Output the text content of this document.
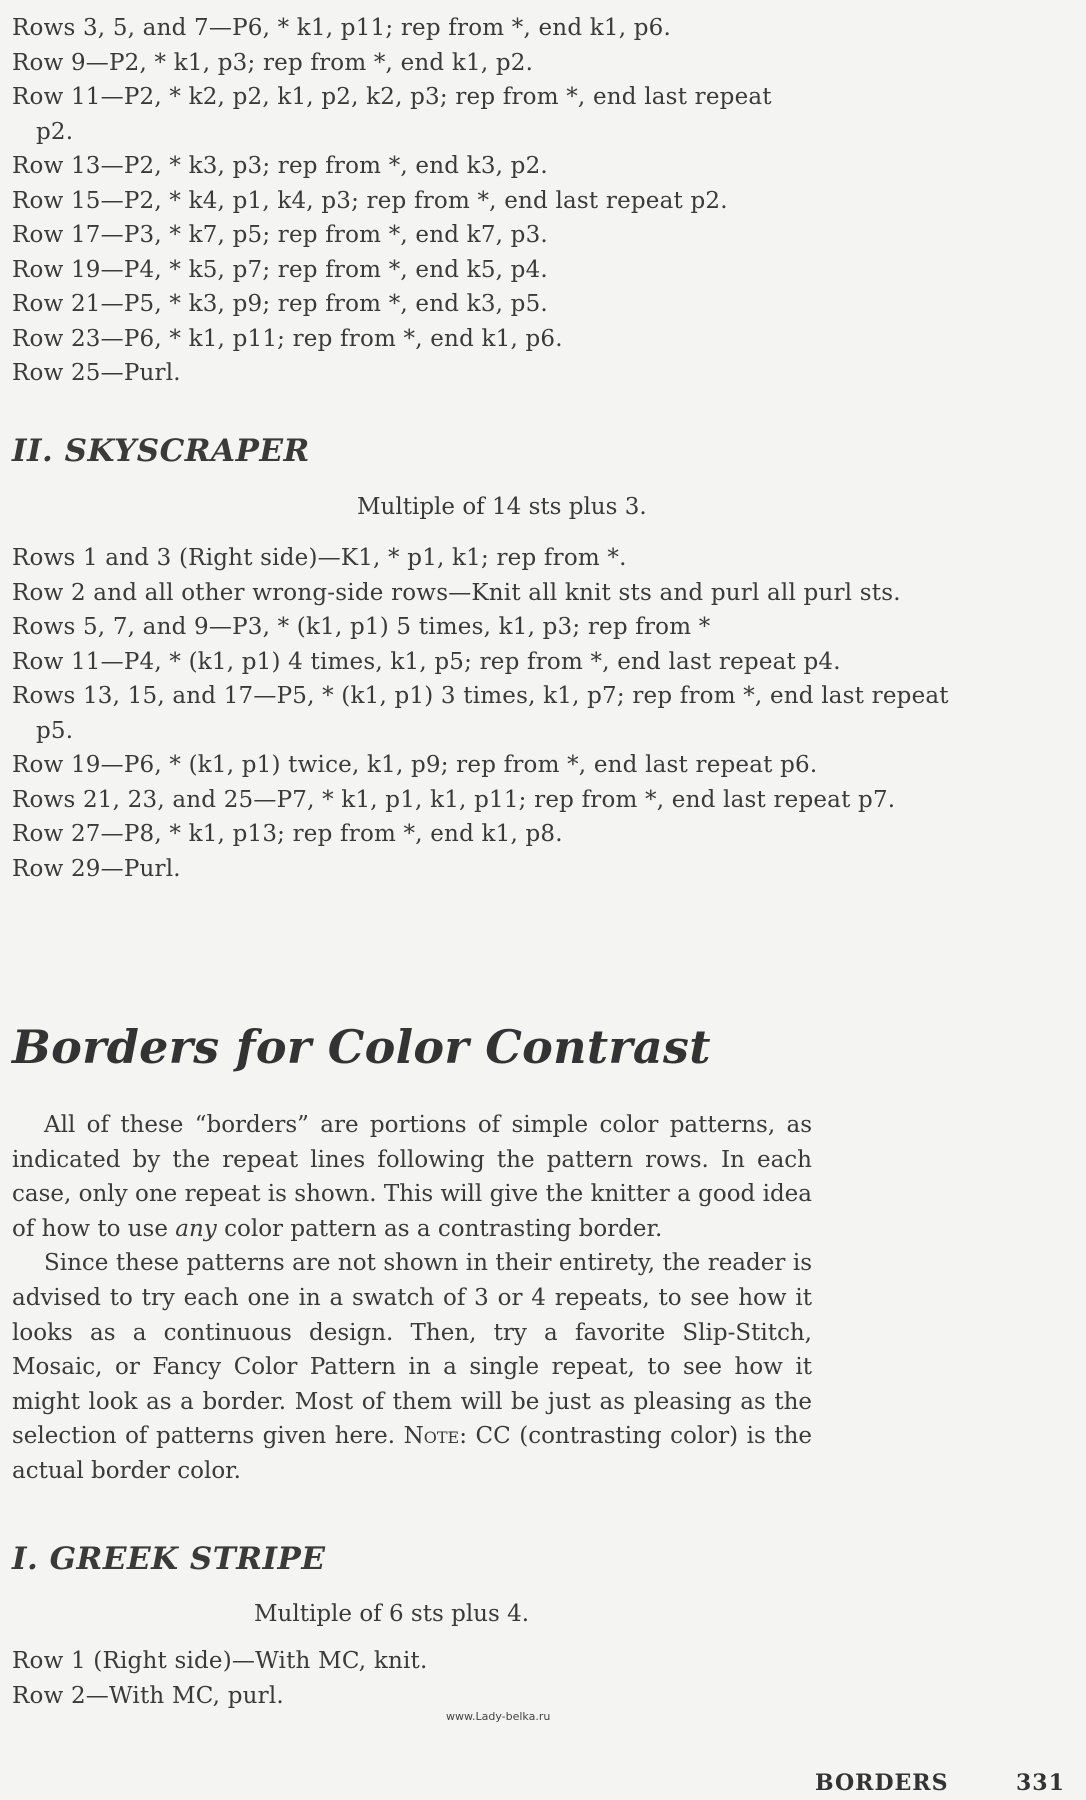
Rows 3, 5, and 7—P6, * k1, p11; rep from *, end k1, p6.
Row 9—P2, * k1, p3; rep from *, end k1, p2.
Row 11—P2, * k2, p2, k1, p2, k2, p3; rep from *, end last repeat
p2.
Row 13—P2, * k3, p3; rep from *, end k3, p2.
Row 15—P2, * k4, p1, k4, p3; rep from *, end last repeat p2.
Row 17—P3, * k7, p5; rep from *, end k7, p3.
Row 19—P4, * k5, p7; rep from *, end k5, p4.
Row 21—P5, * k3, p9; rep from *, end k3, p5.
Row 23—P6, * k1, p11; rep from *, end k1, p6.
Row 25—Purl.
II. SKYSCRAPER
Multiple of 14 sts plus 3.
Rows 1 and 3 (Right side)—K1, * p1, k1; rep from *.
Row 2 and all other wrong-side rows—Knit all knit sts and purl all purl sts.
Rows 5, 7, and 9—P3, * (k1, p1) 5 times, k1, p3; rep from *
Row 11—P4, * (k1, p1) 4 times, k1, p5; rep from *, end last repeat p4.
Rows 13, 15, and 17—P5, * (k1, p1) 3 times, k1, p7; rep from *, end last repeat
p5.
Row 19—P6, * (k1, p1) twice, k1, p9; rep from *, end last repeat p6.
Rows 21, 23, and 25—P7, * k1, p1, k1, p11; rep from *, end last repeat p7.
Row 27—P8, * k1, p13; rep from *, end k1, p8.
Row 29—Purl.
Borders for Color Contrast

All of these “borders” are portions of simple color patterns, as indicated by the repeat lines following the pattern rows. In each case, only one repeat is shown. This will give the knitter a good idea of how to use any color pattern as a contrasting border.

Since these patterns are not shown in their entirety, the reader is advised to try each one in a swatch of 3 or 4 repeats, to see how it looks as a continuous design. Then, try a favorite Slip-Stitch, Mosaic, or Fancy Color Pattern in a single repeat, to see how it might look as a border. Most of them will be just as pleasing as the selection of patterns given here. Note: CC (contrasting color) is the actual border color.

I. GREEK STRIPE
Multiple of 6 sts plus 4.
Row 1 (Right side)—With MC, knit.
Row 2—With MC, purl.
www.Lady-belka.ru
BORDERS	331
